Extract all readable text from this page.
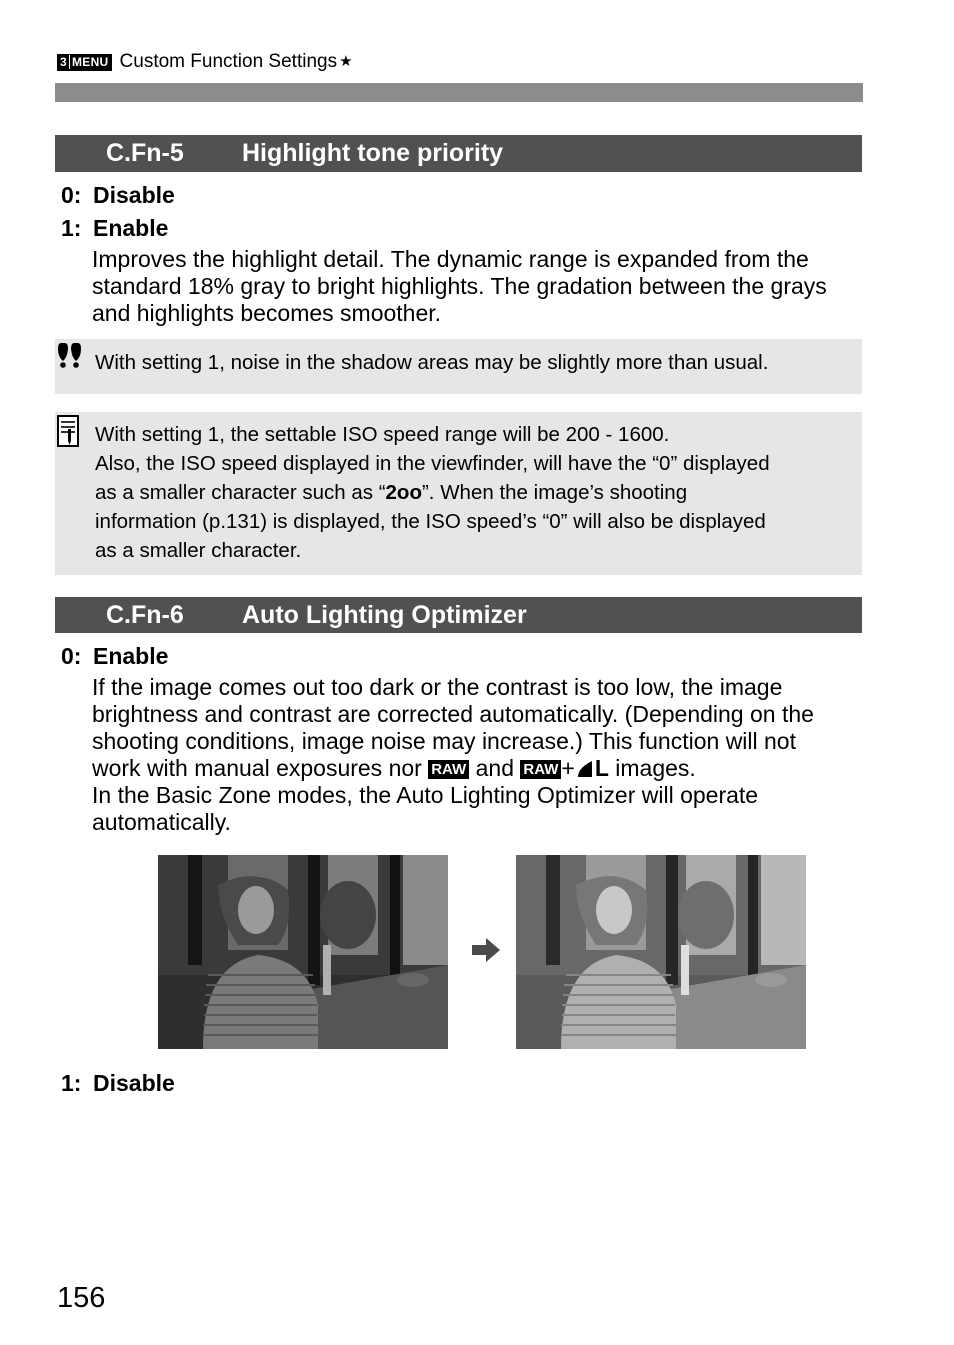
3 MENU Custom Function Settings ★
C.Fn-5 Highlight tone priority
0: Disable
1: Enable
Improves the highlight detail. The dynamic range is expanded from the
standard 18% gray to bright highlights. The gradation between the grays
and highlights becomes smoother.
With setting 1, noise in the shadow areas may be slightly more than usual.
With setting 1, the settable ISO speed range will be 200 - 1600.
Also, the ISO speed displayed in the viewfinder, will have the “0” displayed
as a smaller character such as “2oo”. When the image’s shooting
information (p.131) is displayed, the ISO speed’s “0” will also be displayed
as a smaller character.
C.Fn-6 Auto Lighting Optimizer
0: Enable
If the image comes out too dark or the contrast is too low, the image
brightness and contrast are corrected automatically. (Depending on the
shooting conditions, image noise may increase.) This function will not
work with manual exposures nor RAW and RAW + L images.
In the Basic Zone modes, the Auto Lighting Optimizer will operate
automatically.
1: Disable
156
